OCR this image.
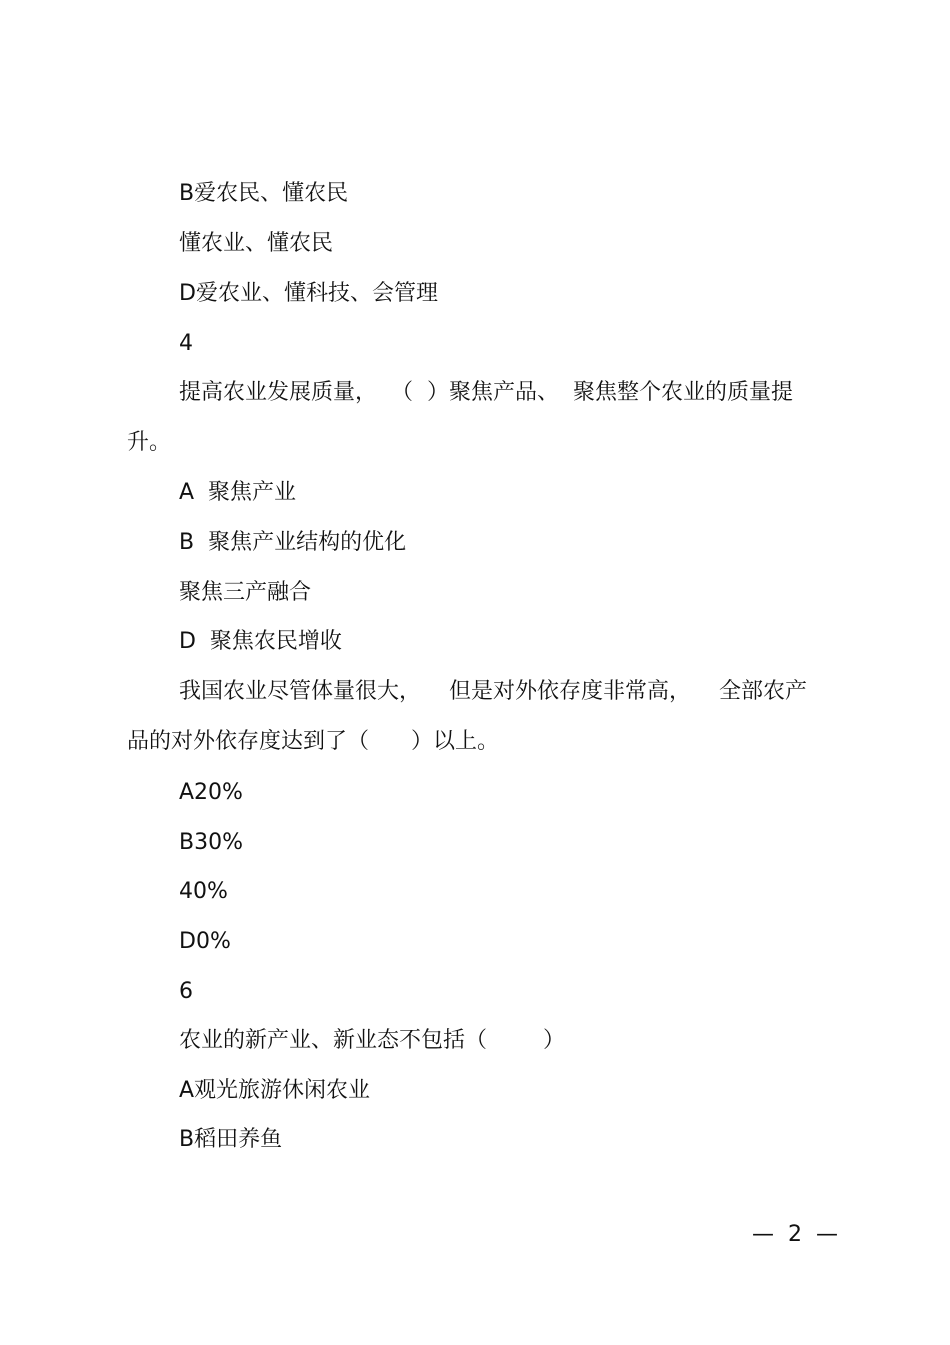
B爱农民、懂农民
懂农业、懂农民
D爱农业、懂科技、会管理
4
提高农业发展质量，  （  ）聚焦产品、  聚焦整个农业的质量提
升。
A  聚焦产业
B  聚焦产业结构的优化
聚焦三产融合
D  聚焦农民增收
我国农业尽管体量很大，    但是对外依存度非常高，    全部农产
品的对外依存度达到了（      ）以上。
A20%
B30%
40%
D0%
6
农业的新产业、新业态不包括（        ）
A观光旅游休闲农业
B稻田养鱼
—  2  —
